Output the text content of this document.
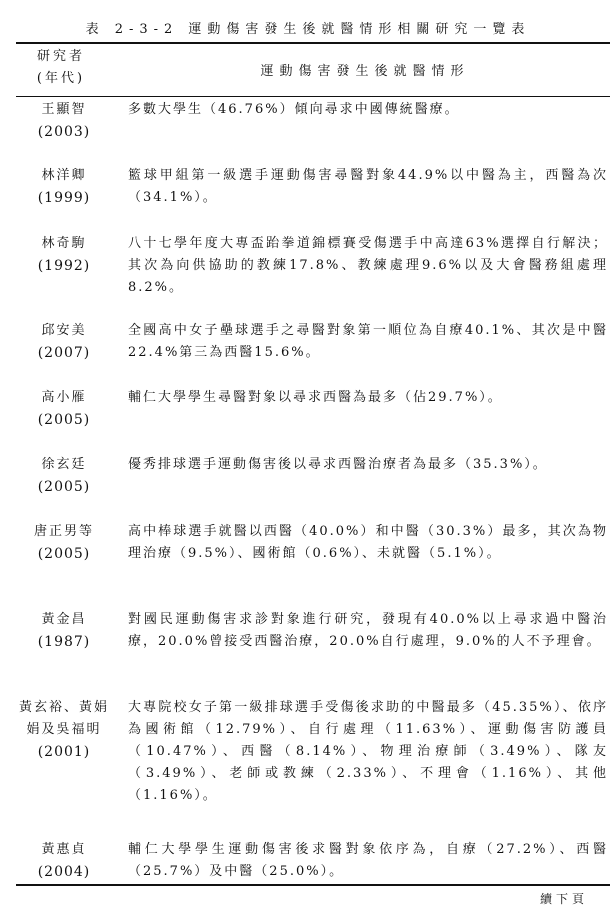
表 2-3-2 運動傷害發生後就醫情形相關研究一覽表
研究者
(年代)	運動傷害發生後就醫情形
王顯智
(2003)
多數大學生（46.76%）傾向尋求中國傳統醫療。
林洋卿
(1999)
籃球甲組第一級選手運動傷害尋醫對象44.9%以中醫為主，西醫為次（34.1%）。
林奇駒
(1992)
八十七學年度大專盃跆拳道錦標賽受傷選手中高達63%選擇自行解決；其次為向供協助的教練17.8%、教練處理9.6%以及大會醫務組處理8.2%。
邱安美
(2007)
全國高中女子壘球選手之尋醫對象第一順位為自療40.1%、其次是中醫22.4%第三為西醫15.6%。
高小雁
(2005)
輔仁大學學生尋醫對象以尋求西醫為最多（佔29.7%）。
徐玄廷
(2005)
優秀排球選手運動傷害後以尋求西醫治療者為最多（35.3%）。
唐正男等
(2005)
高中棒球選手就醫以西醫（40.0%）和中醫（30.3%）最多，其次為物理治療（9.5%）、國術館（0.6%）、未就醫（5.1%）。
黃金昌
(1987)
對國民運動傷害求診對象進行研究，發現有40.0%以上尋求過中醫治療，20.0%曾接受西醫治療，20.0%自行處理，9.0%的人不予理會。
黃玄裕、黃娟娟及吳福明
(2001)
大專院校女子第一級排球選手受傷後求助的中醫最多（45.35%）、依序為國術館（12.79%）、自行處理（11.63%）、運動傷害防護員（10.47%）、西醫（8.14%）、物理治療師（3.49%）、隊友（3.49%）、老師或教練（2.33%）、不理會（1.16%）、其他（1.16%）。
黃惠貞
(2004)
輔仁大學學生運動傷害後求醫對象依序為，自療（27.2%）、西醫（25.7%）及中醫（25.0%）。
續下頁
